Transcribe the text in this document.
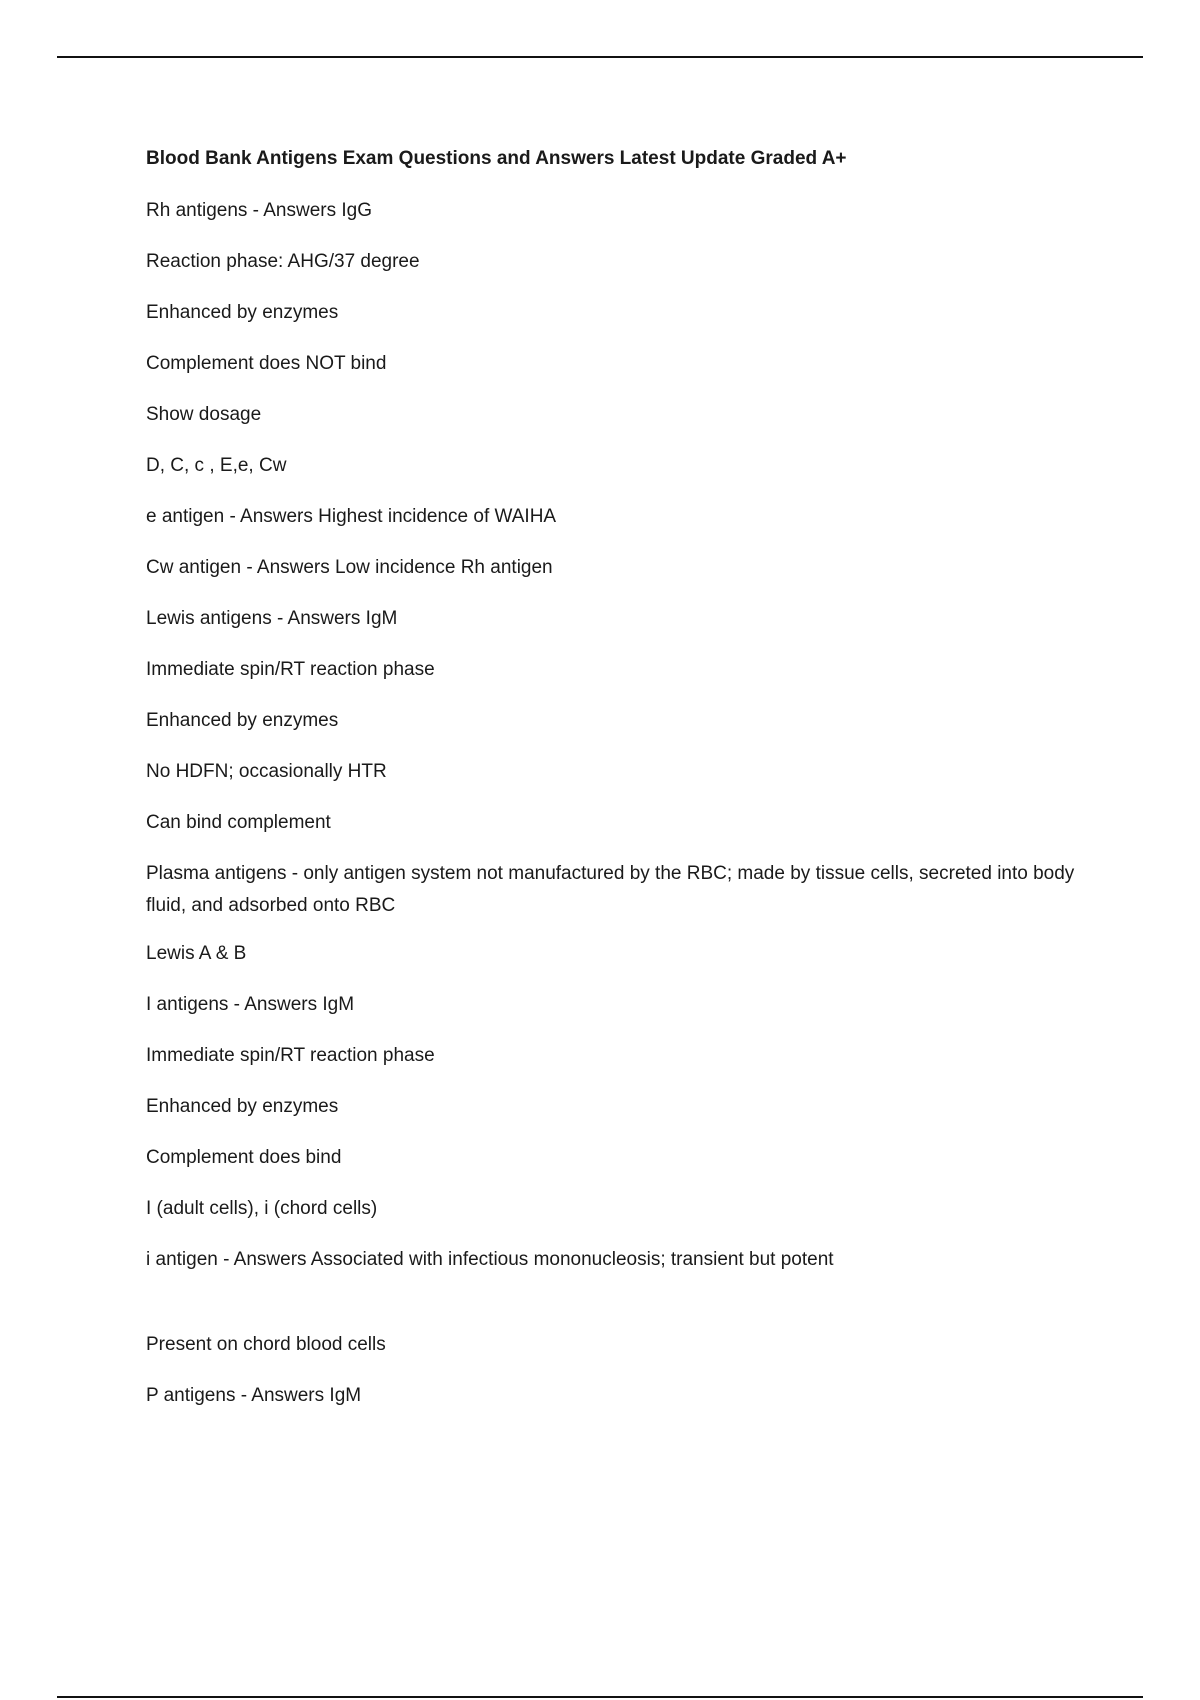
Blood Bank Antigens Exam Questions and Answers Latest Update Graded A+
Rh antigens - Answers IgG
Reaction phase: AHG/37 degree
Enhanced by enzymes
Complement does NOT bind
Show dosage
D, C, c , E,e, Cw
e antigen - Answers Highest incidence of WAIHA
Cw antigen - Answers Low incidence Rh antigen
Lewis antigens - Answers IgM
Immediate spin/RT reaction phase
Enhanced by enzymes
No HDFN; occasionally HTR
Can bind complement
Plasma antigens - only antigen system not manufactured by the RBC; made by tissue cells, secreted into body fluid, and adsorbed onto RBC
Lewis A & B
I antigens - Answers IgM
Immediate spin/RT reaction phase
Enhanced by enzymes
Complement does bind
I (adult cells), i (chord cells)
i antigen - Answers Associated with infectious mononucleosis; transient but potent
Present on chord blood cells
P antigens - Answers IgM
